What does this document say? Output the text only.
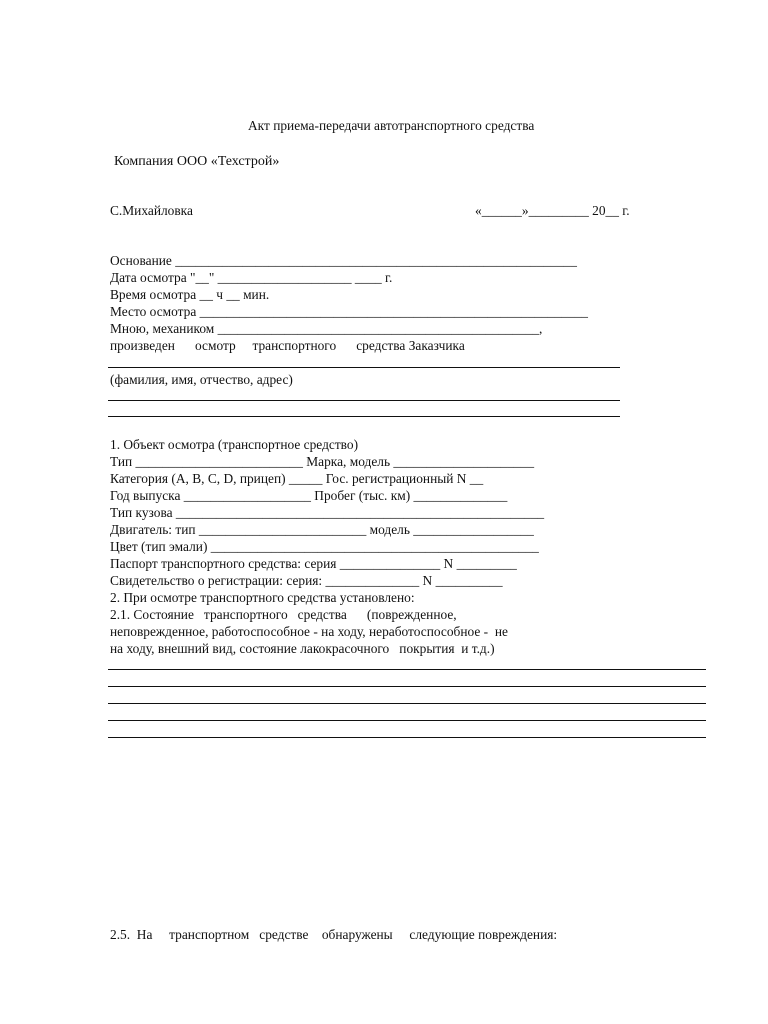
Акт приема-передачи автотранспортного средства
Компания ООО «Техстрой»
С.Михайловка	«______»_________ 20__ г.
Основание ____________________________________________________________
Дата осмотра "__" ____________________ ____ г.
Время осмотра __ ч __ мин.
Место осмотра __________________________________________________________
Мною, механиком ________________________________________________,
произведен      осмотр     транспортного      средства Заказчика
(фамилия, имя, отчество, адрес)
1. Объект осмотра (транспортное средство)
Тип _________________________ Марка, модель _____________________
Категория (A, B, C, D, прицеп) _____ Гос. регистрационный N __
Год выпуска ___________________ Пробег (тыс. км) ______________
Тип кузова _______________________________________________________
Двигатель: тип _________________________ модель __________________
Цвет (тип эмали) _________________________________________________
Паспорт транспортного средства: серия _______________ N _________
Свидетельство о регистрации: серия: ______________ N __________
2. При осмотре транспортного средства установлено:
2.1. Состояние   транспортного   средства      (поврежденное,
неповрежденное, работоспособное - на ходу, неработоспособное -  не
на ходу, внешний вид, состояние лакокрасочного   покрытия  и т.д.)
2.5.  На     транспортном   средстве    обнаружены     следующие повреждения:
